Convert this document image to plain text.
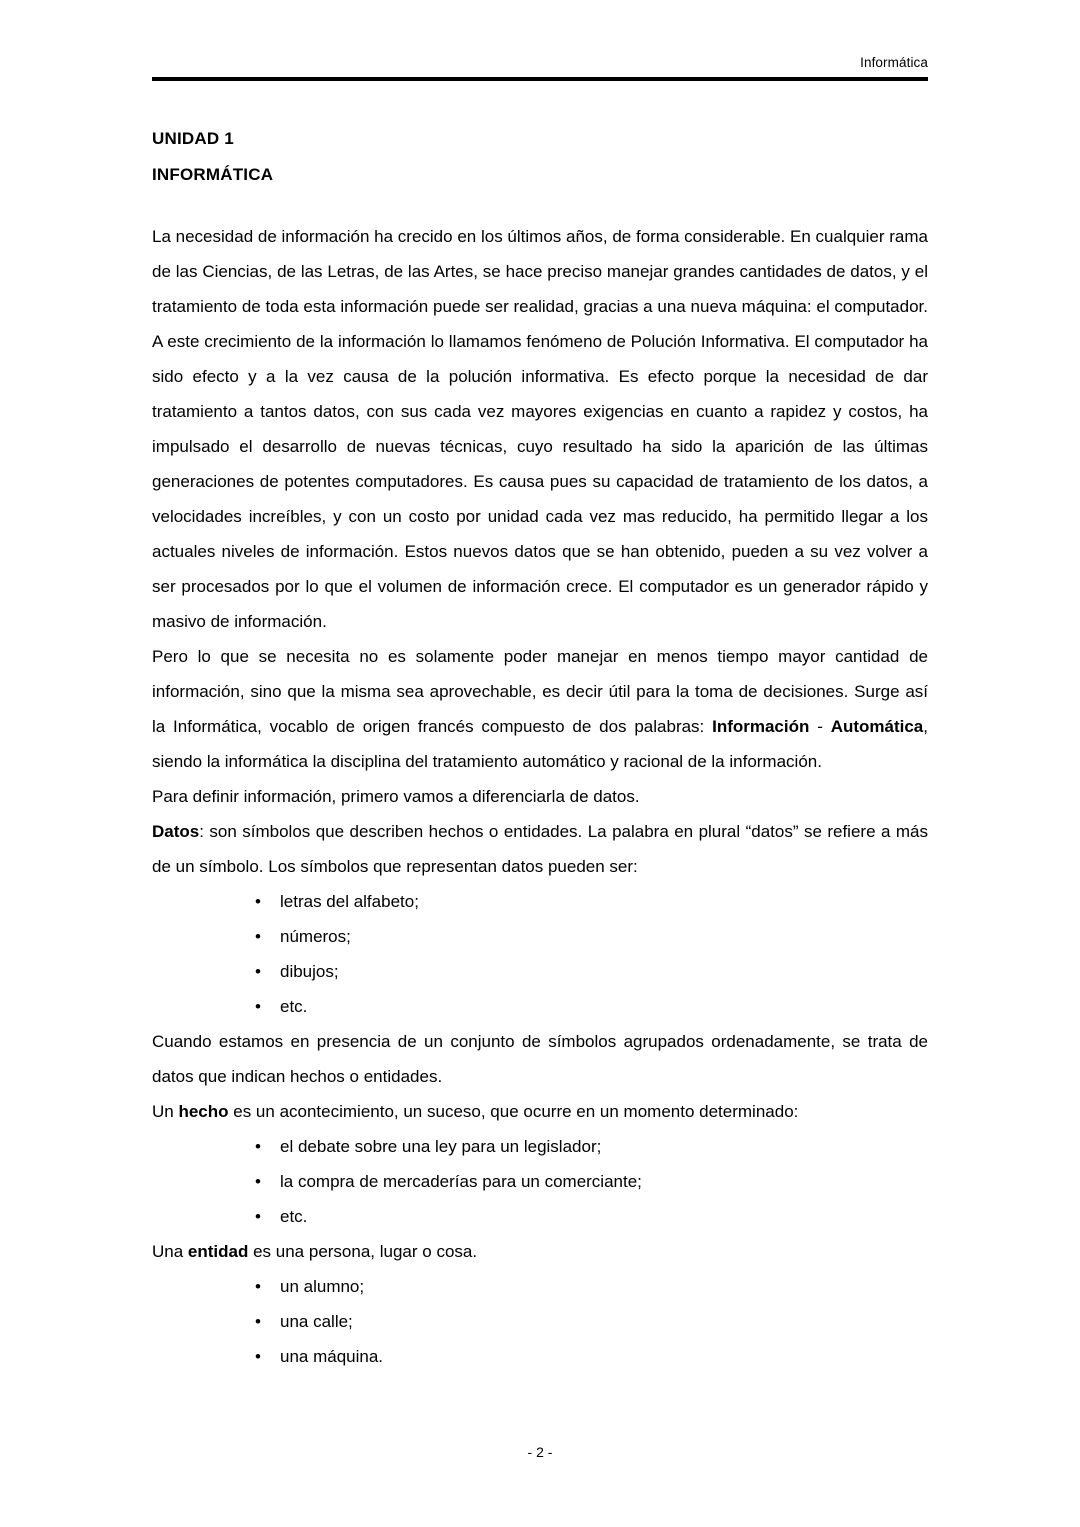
Informática
UNIDAD 1
INFORMÁTICA

La necesidad de información ha crecido en los últimos años, de forma considerable. En cualquier rama de las Ciencias, de las Letras, de las Artes, se hace preciso manejar grandes cantidades de datos, y el tratamiento de toda esta información puede ser realidad, gracias a una nueva máquina: el computador. A este crecimiento de la información lo llamamos fenómeno de Polución Informativa. El computador ha sido efecto y a la vez causa de la polución informativa. Es efecto porque la necesidad de dar tratamiento a tantos datos, con sus cada vez mayores exigencias en cuanto a rapidez y costos, ha impulsado el desarrollo de nuevas técnicas, cuyo resultado ha sido la aparición de las últimas generaciones de potentes computadores. Es causa pues su capacidad de tratamiento de los datos, a velocidades increíbles, y con un costo por unidad cada vez mas reducido, ha permitido llegar a los actuales niveles de información. Estos nuevos datos que se han obtenido, pueden a su vez volver a ser procesados por lo que el volumen de información crece. El computador es un generador rápido y masivo de información.

Pero lo que se necesita no es solamente poder manejar en menos tiempo mayor cantidad de información, sino que la misma sea aprovechable, es decir útil para la toma de decisiones. Surge así la Informática, vocablo de origen francés compuesto de dos palabras: Información - Automática, siendo la informática la disciplina del tratamiento automático y racional de la información.

Para definir información, primero vamos a diferenciarla de datos.

Datos: son símbolos que describen hechos o entidades. La palabra en plural “datos” se refiere a más de un símbolo. Los símbolos que representan datos pueden ser:

• letras del alfabeto;
• números;
• dibujos;
• etc.

Cuando estamos en presencia de un conjunto de símbolos agrupados ordenadamente, se trata de datos que indican hechos o entidades.

Un hecho es un acontecimiento, un suceso, que ocurre en un momento determinado:

• el debate sobre una ley para un legislador;
• la compra de mercaderías para un comerciante;
• etc.

Una entidad es una persona, lugar o cosa.

• un alumno;
• una calle;
• una máquina.
- 2 -
